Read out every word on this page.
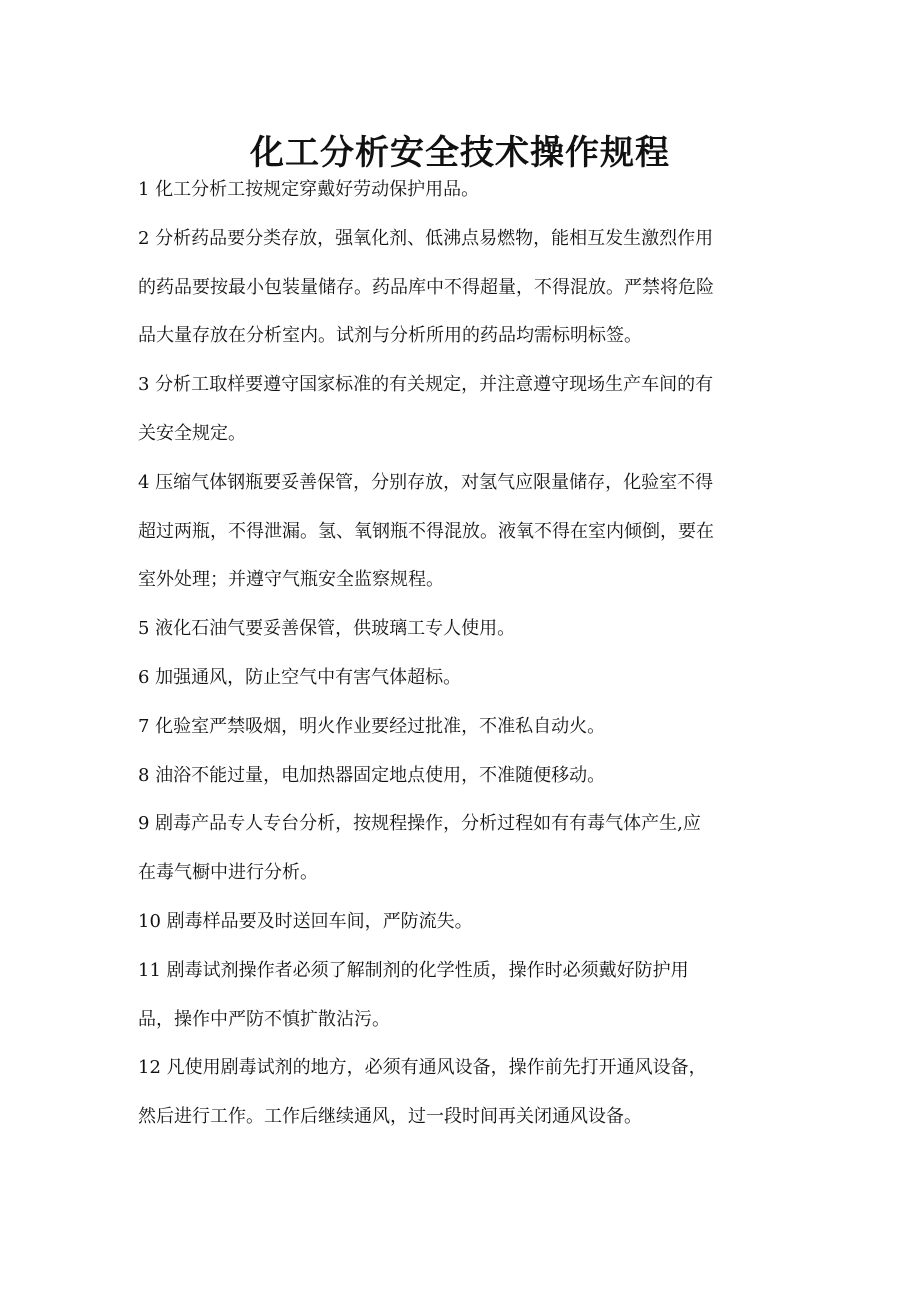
化工分析安全技术操作规程

1 化工分析工按规定穿戴好劳动保护用品。

2 分析药品要分类存放，强氧化剂、低沸点易燃物，能相互发生激烈作用

的药品要按最小包装量储存。药品库中不得超量，不得混放。严禁将危险

品大量存放在分析室内。试剂与分析所用的药品均需标明标签。

3 分析工取样要遵守国家标准的有关规定，并注意遵守现场生产车间的有

关安全规定。

4 压缩气体钢瓶要妥善保管，分别存放，对氢气应限量储存，化验室不得

超过两瓶，不得泄漏。氢、氧钢瓶不得混放。液氧不得在室内倾倒，要在

室外处理；并遵守气瓶安全监察规程。

5 液化石油气要妥善保管，供玻璃工专人使用。

6 加强通风，防止空气中有害气体超标。

7 化验室严禁吸烟，明火作业要经过批准，不准私自动火。

8 油浴不能过量，电加热器固定地点使用，不准随便移动。

9 剧毒产品专人专台分析，按规程操作，分析过程如有有毒气体产生,应

在毒气橱中进行分析。

10 剧毒样品要及时送回车间，严防流失。

11 剧毒试剂操作者必须了解制剂的化学性质，操作时必须戴好防护用

品，操作中严防不慎扩散沾污。

12 凡使用剧毒试剂的地方，必须有通风设备，操作前先打开通风设备，

然后进行工作。工作后继续通风，过一段时间再关闭通风设备。
